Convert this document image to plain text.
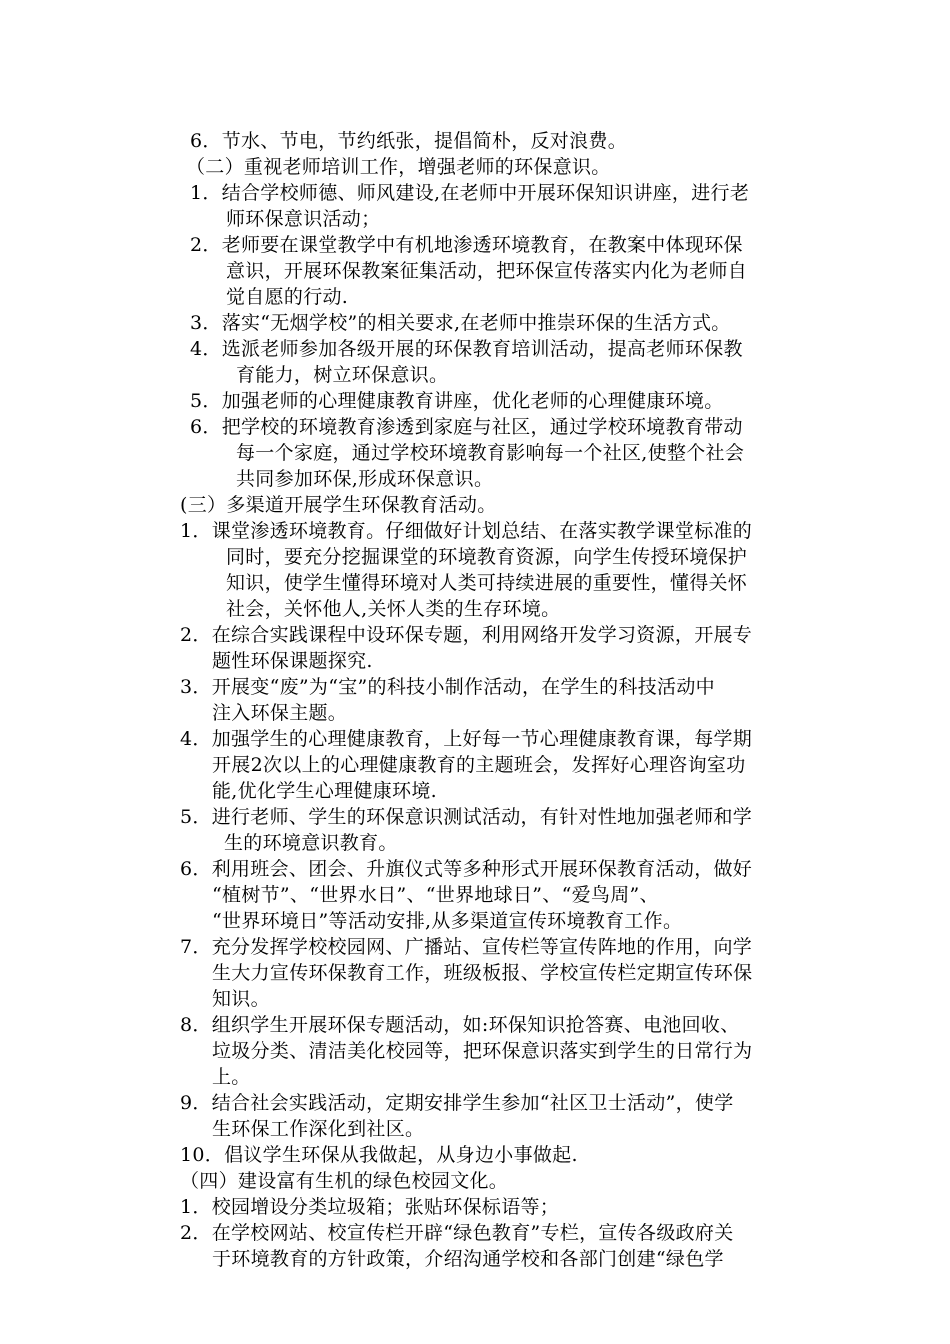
6．节水、节电，节约纸张，提倡简朴，反对浪费。
（二）重视老师培训工作，增强老师的环保意识。
1．结合学校师德、师风建设,在老师中开展环保知识讲座，进行老
师环保意识活动；
2．老师要在课堂教学中有机地渗透环境教育，在教案中体现环保
意识，开展环保教案征集活动，把环保宣传落实内化为老师自
觉自愿的行动.
3．落实“无烟学校”的相关要求,在老师中推崇环保的生活方式。
4．选派老师参加各级开展的环保教育培训活动，提高老师环保教
育能力，树立环保意识。
5．加强老师的心理健康教育讲座，优化老师的心理健康环境。
6．把学校的环境教育渗透到家庭与社区，通过学校环境教育带动
每一个家庭，通过学校环境教育影响每一个社区,使整个社会
共同参加环保,形成环保意识。
(三）多渠道开展学生环保教育活动。
1．课堂渗透环境教育。仔细做好计划总结、在落实教学课堂标准的
同时，要充分挖掘课堂的环境教育资源，向学生传授环境保护
知识，使学生懂得环境对人类可持续进展的重要性，懂得关怀
社会，关怀他人,关怀人类的生存环境。
2．在综合实践课程中设环保专题，利用网络开发学习资源，开展专
题性环保课题探究.
3．开展变“废”为“宝”的科技小制作活动，在学生的科技活动中
注入环保主题。
4．加强学生的心理健康教育，上好每一节心理健康教育课，每学期
开展2次以上的心理健康教育的主题班会，发挥好心理咨询室功
能,优化学生心理健康环境.
5．进行老师、学生的环保意识测试活动，有针对性地加强老师和学
生的环境意识教育。
6．利用班会、团会、升旗仪式等多种形式开展环保教育活动，做好
“植树节”、“世界水日”、“世界地球日”、“爱鸟周”、
“世界环境日”等活动安排,从多渠道宣传环境教育工作。
7．充分发挥学校校园网、广播站、宣传栏等宣传阵地的作用，向学
生大力宣传环保教育工作，班级板报、学校宣传栏定期宣传环保
知识。
8．组织学生开展环保专题活动，如:环保知识抢答赛、电池回收、
垃圾分类、清洁美化校园等，把环保意识落实到学生的日常行为
上。
9．结合社会实践活动，定期安排学生参加“社区卫士活动”，使学
生环保工作深化到社区。
10．倡议学生环保从我做起，从身边小事做起.
（四）建设富有生机的绿色校园文化。
1．校园增设分类垃圾箱；张贴环保标语等；
2．在学校网站、校宣传栏开辟“绿色教育”专栏，宣传各级政府关
于环境教育的方针政策，介绍沟通学校和各部门创建“绿色学
